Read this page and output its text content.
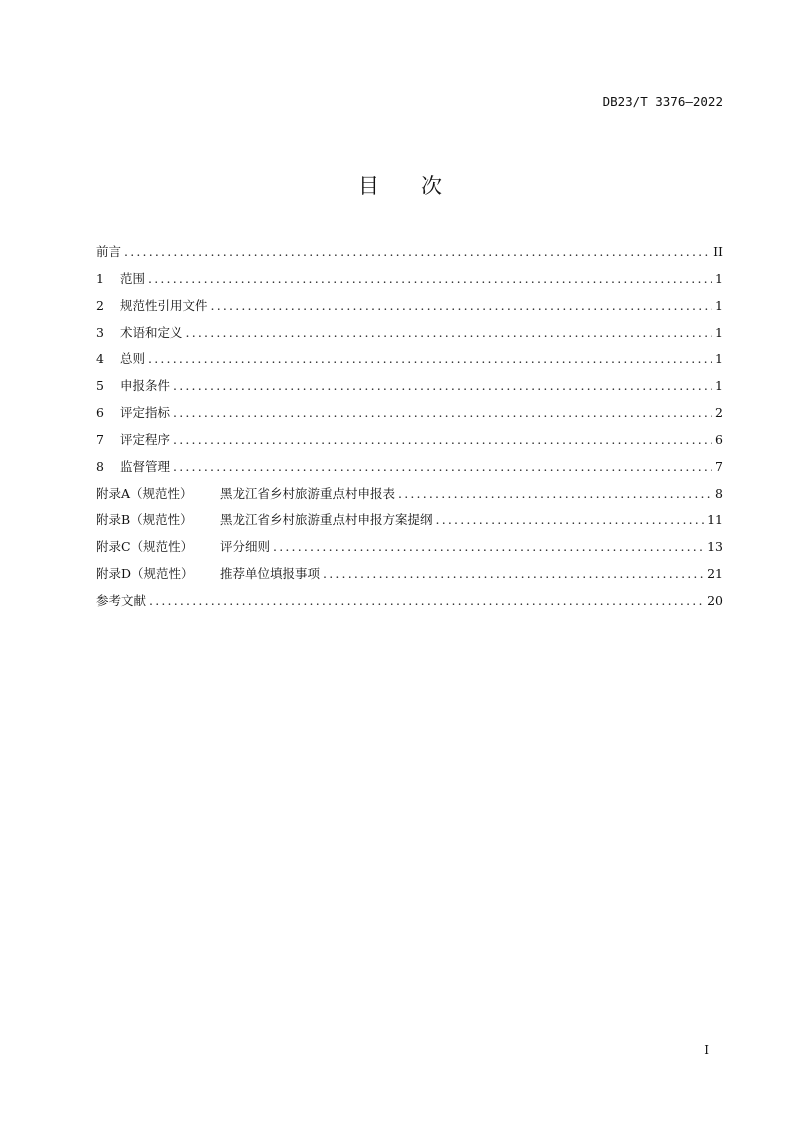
DB23/T 3376—2022
目 次
前言 .....	II
1	范围 .....	1
2	规范性引用文件 .....	1
3	术语和定义 .....	1
4	总则 .....	1
5	申报条件 .....	1
6	评定指标 .....	2
7	评定程序 .....	6
8	监督管理 .....	7
附录A（规范性）	黑龙江省乡村旅游重点村申报表 .....	8
附录B（规范性）	黑龙江省乡村旅游重点村申报方案提纲 .....	11
附录C（规范性）	评分细则 .....	13
附录D（规范性）	推荐单位填报事项 .....	21
参考文献 .....	20
I
